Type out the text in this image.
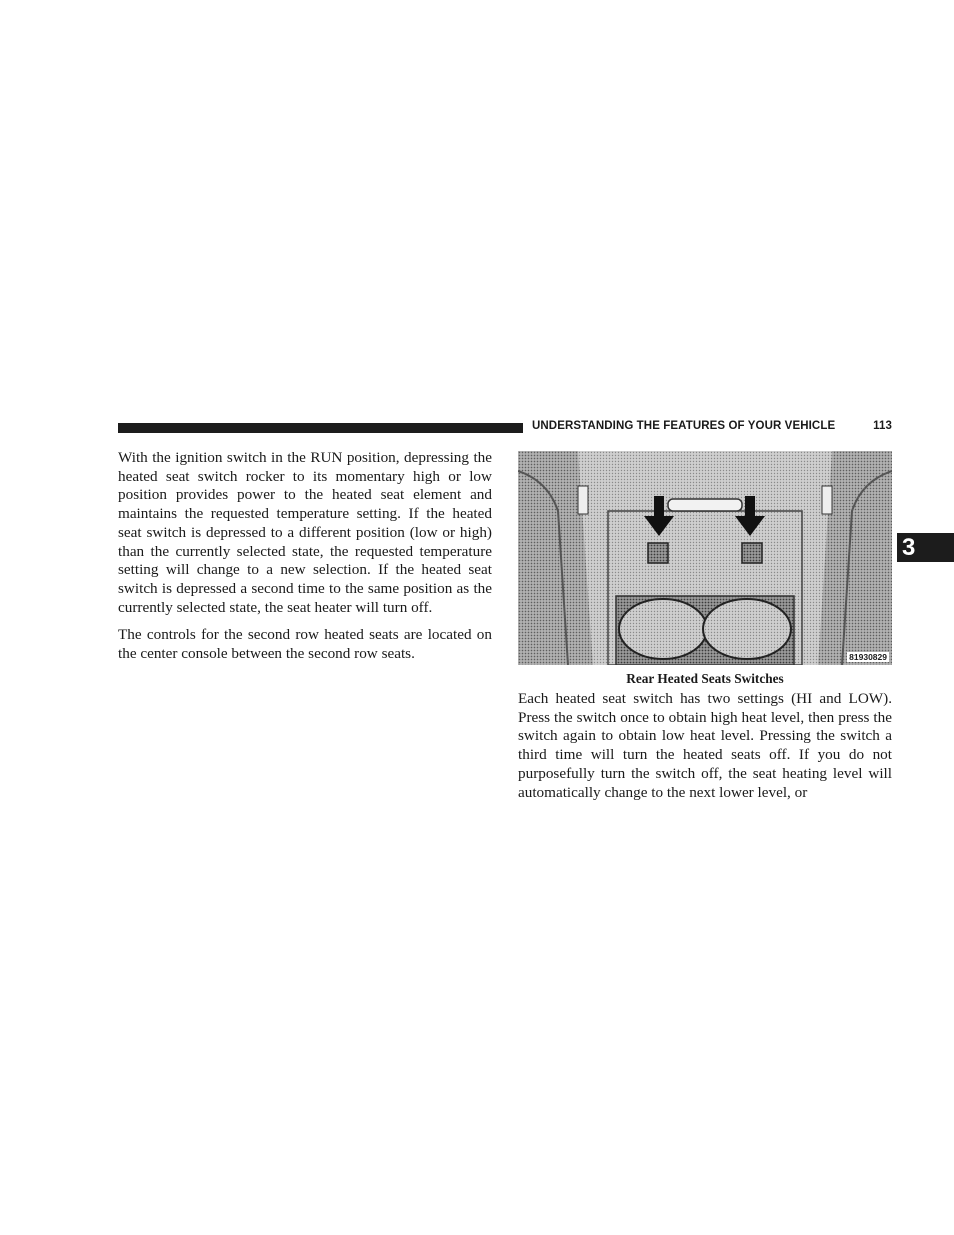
UNDERSTANDING THE FEATURES OF YOUR VEHICLE	113
3

With the ignition switch in the RUN position, depressing the heated seat switch rocker to its momentary high or low position provides power to the heated seat element and maintains the requested temperature setting. If the heated seat switch is depressed to a different position (low or high) than the currently selected state, the requested temperature setting will change to a new selection. If the heated seat switch is depressed a second time to the same position as the currently selected state, the seat heater will turn off.

The controls for the second row heated seats are located on the center console between the second row seats.	81930829
Rear Heated Seats Switches

Each heated seat switch has two settings (HI and LOW). Press the switch once to obtain high heat level, then press the switch again to obtain low heat level. Pressing the switch a third time will turn the heated seats off. If you do not purposefully turn the switch off, the seat heating level will automatically change to the next lower level, or
